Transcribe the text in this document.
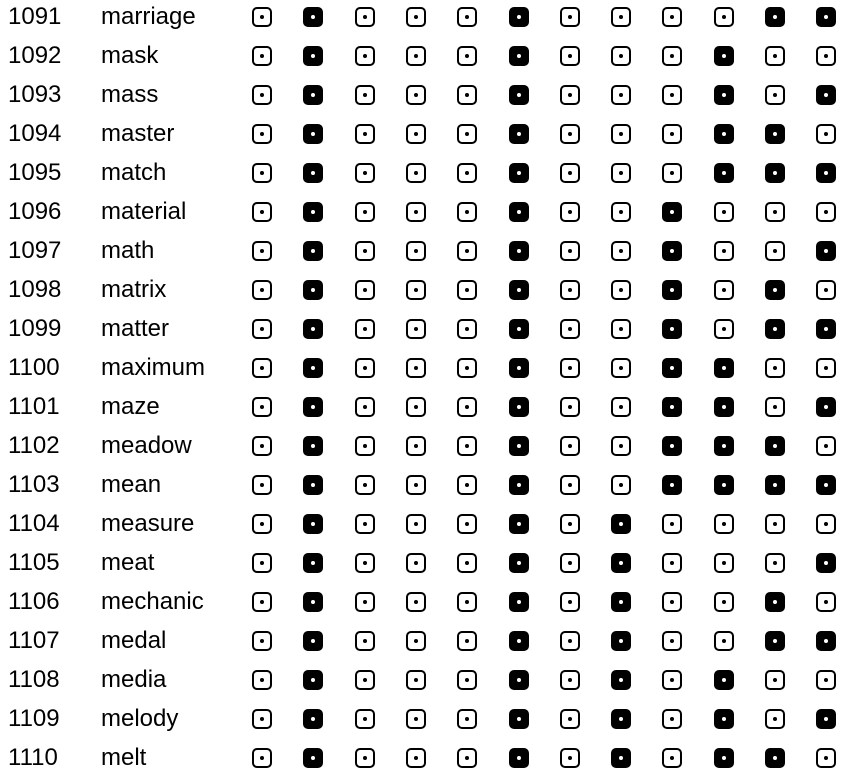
1091 marriage
1092 mask
1093 mass
1094 master
1095 match
1096 material
1097 math
1098 matrix
1099 matter
1100 maximum
1101 maze
1102 meadow
1103 mean
1104 measure
1105 meat
1106 mechanic
1107 medal
1108 media
1109 melody
1110 melt
